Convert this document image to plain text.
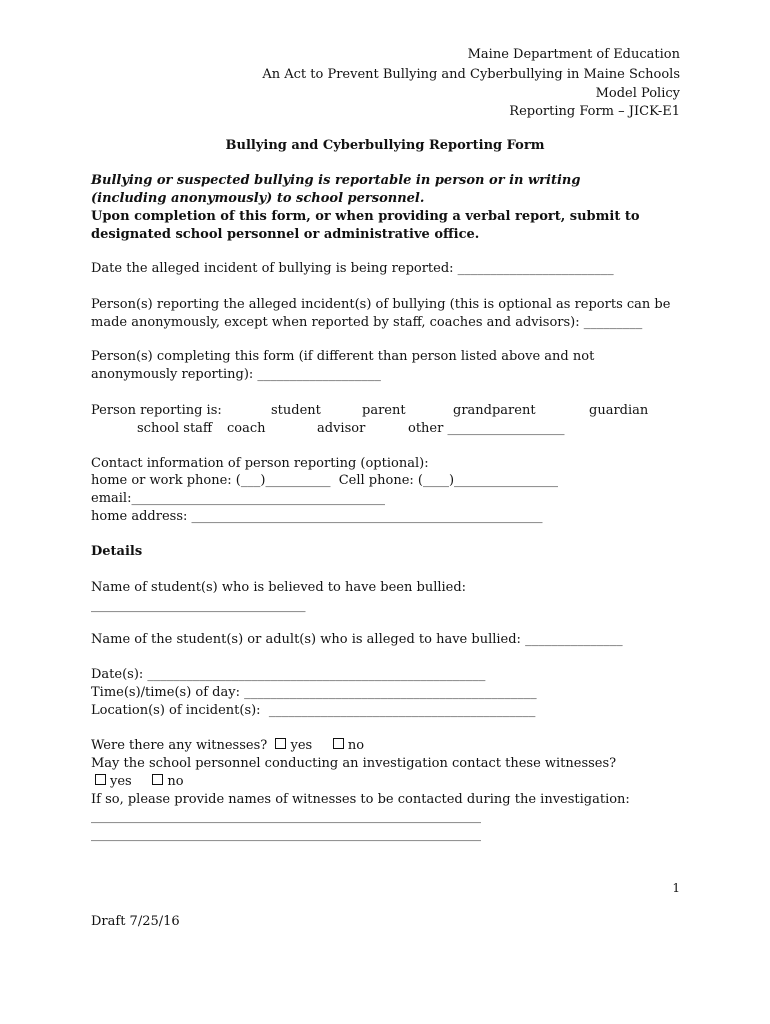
Maine Department of Education
An Act to Prevent Bullying and Cyberbullying in Maine Schools
Model Policy
Reporting Form – JICK-E1
Bullying and Cyberbullying Reporting Form
Bullying or suspected bullying is reportable in person or in writing
(including anonymously) to school personnel.
Upon completion of this form, or when providing a verbal report, submit to
designated school personnel or administrative office.
Date the alleged incident of bullying is being reported: ________________________
Person(s) reporting the alleged incident(s) of bullying (this is optional as reports can be
made anonymously, except when reported by staff, coaches and advisors): _________
Person(s) completing this form (if different than person listed above and not
anonymously reporting): ___________________
Person reporting is:	student	parent	grandparent	guardian
school staff coach	advisor	other __________________
Contact information of person reporting (optional):
home or work phone: (___)__________  Cell phone: (____)________________
email:_______________________________________
home address: ______________________________________________________
Details
Name of student(s) who is believed to have been bullied:
_________________________________
Name of the student(s) or adult(s) who is alleged to have bullied: _______________
Date(s): ____________________________________________________
Time(s)/time(s) of day: _____________________________________________
Location(s) of incident(s):  _________________________________________
Were there any witnesses? yes	no
May the school personnel conducting an investigation contact these witnesses?
yes	no
If so, please provide names of witnesses to be contacted during the investigation:
____________________________________________________________
____________________________________________________________
1
Draft 7/25/16
